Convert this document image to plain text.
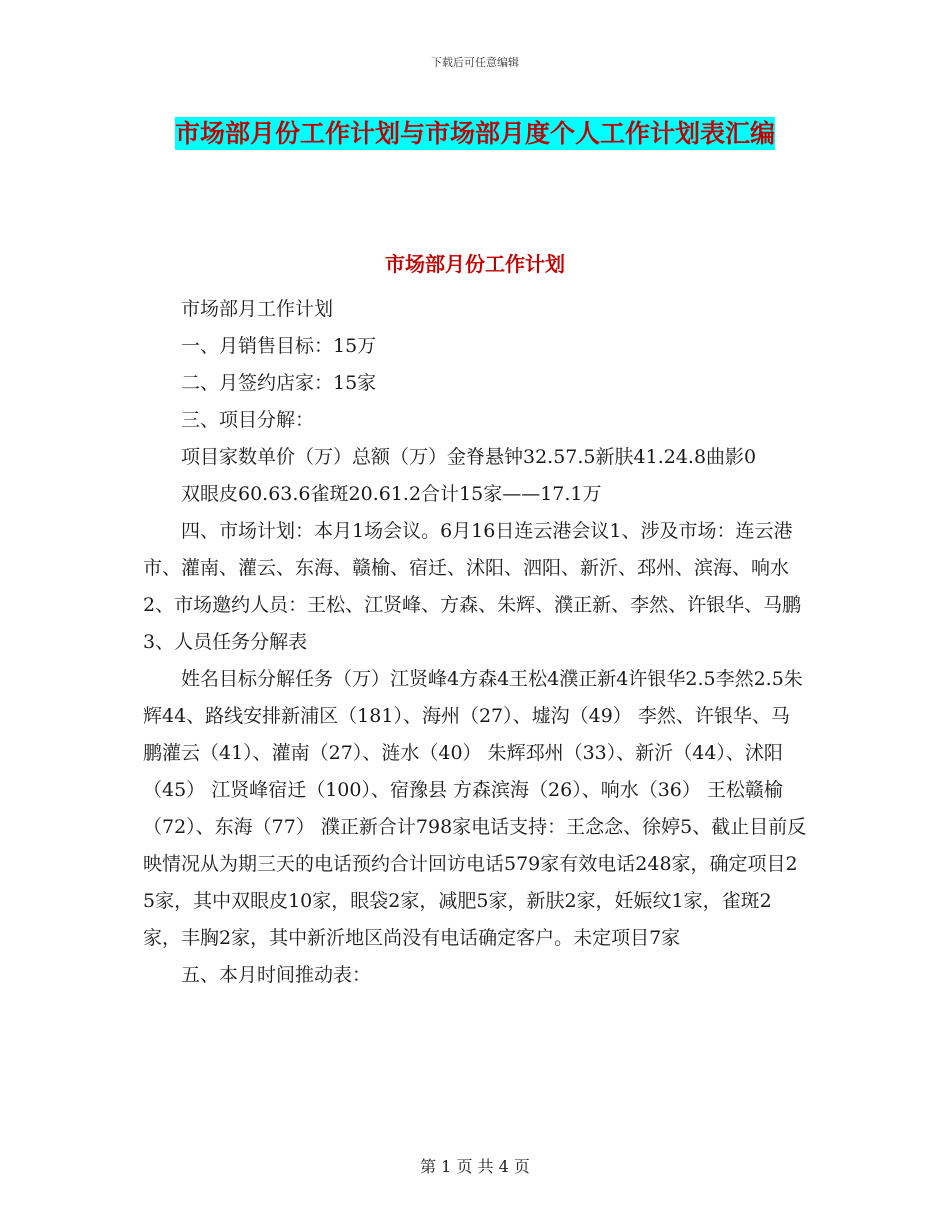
下载后可任意编辑
市场部月份工作计划与市场部月度个人工作计划表汇编
市场部月份工作计划

市场部月工作计划

一、月销售目标：15万

二、月签约店家：15家

三、项目分解：

项目家数单价（万）总额（万）金脊悬钟32.57.5新肤41.24.8曲影0

双眼皮60.63.6雀斑20.61.2合计15家——17.1万

四、市场计划：本月1场会议。6月16日连云港会议1、涉及市场：连云港市、灌南、灌云、东海、赣榆、宿迁、沭阳、泗阳、新沂、邳州、滨海、响水2、市场邀约人员：王松、江贤峰、方森、朱辉、濮正新、李然、许银华、马鹏3、人员任务分解表

姓名目标分解任务（万）江贤峰4方森4王松4濮正新4许银华2.5李然2.5朱辉44、路线安排新浦区（181）、海州（27）、墟沟（49） 李然、许银华、马鹏灌云（41）、灌南（27）、涟水（40） 朱辉邳州（33）、新沂（44）、沭阳（45） 江贤峰宿迁（100）、宿豫县 方森滨海（26）、响水（36） 王松赣榆（72）、东海（77） 濮正新合计798家电话支持：王念念、徐婷5、截止目前反映情况从为期三天的电话预约合计回访电话579家有效电话248家，确定项目25家，其中双眼皮10家，眼袋2家，减肥5家，新肤2家，妊娠纹1家，雀斑2家，丰胸2家，其中新沂地区尚没有电话确定客户。未定项目7家

五、本月时间推动表：

第 1 页 共 4 页
